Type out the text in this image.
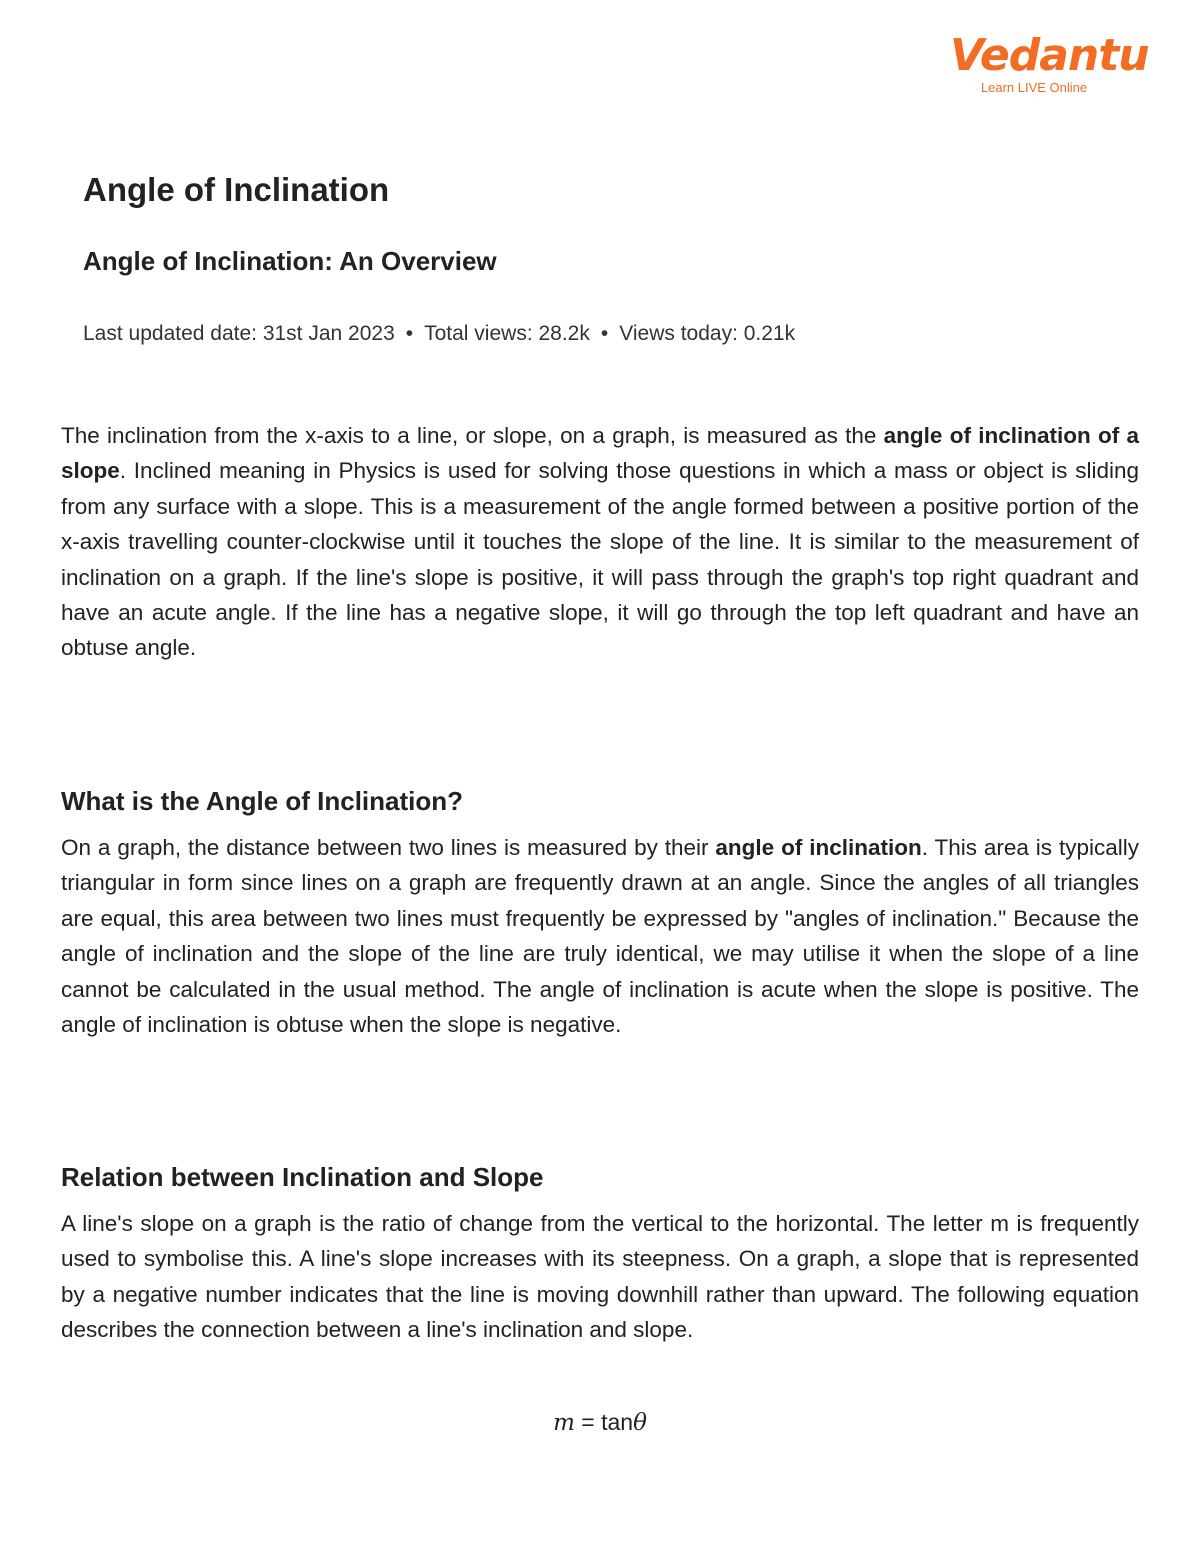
Vedantu
Learn LIVE Online
Angle of Inclination
Angle of Inclination: An Overview

Last updated date: 31st Jan 2023 • Total views: 28.2k • Views today: 0.21k

The inclination from the x-axis to a line, or slope, on a graph, is measured as the angle of inclination of a slope. Inclined meaning in Physics is used for solving those questions in which a mass or object is sliding from any surface with a slope. This is a measurement of the angle formed between a positive portion of the x-axis travelling counter-clockwise until it touches the slope of the line. It is similar to the measurement of inclination on a graph. If the line's slope is positive, it will pass through the graph's top right quadrant and have an acute angle. If the line has a negative slope, it will go through the top left quadrant and have an obtuse angle.

What is the Angle of Inclination?

On a graph, the distance between two lines is measured by their angle of inclination. This area is typically triangular in form since lines on a graph are frequently drawn at an angle. Since the angles of all triangles are equal, this area between two lines must frequently be expressed by "angles of inclination." Because the angle of inclination and the slope of the line are truly identical, we may utilise it when the slope of a line cannot be calculated in the usual method. The angle of inclination is acute when the slope is positive. The angle of inclination is obtuse when the slope is negative.

Relation between Inclination and Slope

A line's slope on a graph is the ratio of change from the vertical to the horizontal. The letter m is frequently used to symbolise this. A line's slope increases with its steepness. On a graph, a slope that is represented by a negative number indicates that the line is moving downhill rather than upward. The following equation describes the connection between a line's inclination and slope.

m = tanθ
